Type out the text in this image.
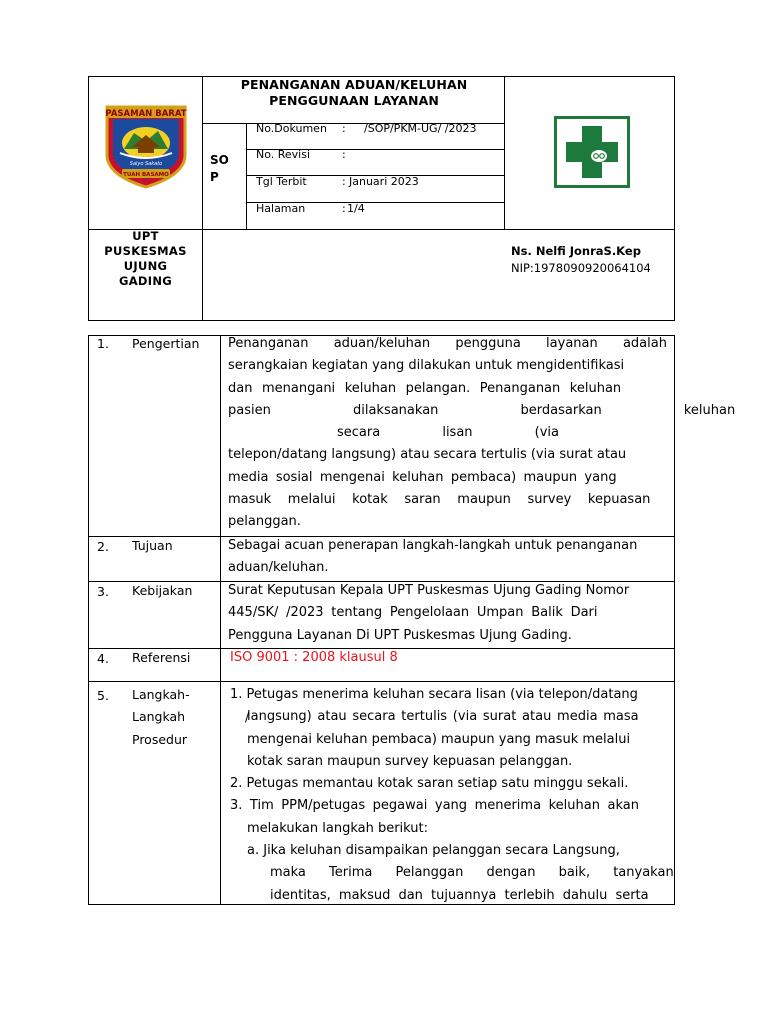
PASAMAN BARAT
Saiyo Sakato
TUAH BASAMO
PENANGANAN ADUAN/KELUHAN
PENGGUNAAN LAYANAN
SO
P
No.Dokumen : /SOP/PKM-UG/ /2023
No. Revisi	:
Tgl Terbit	: Januari 2023
Halaman	: 1/4
UPT
PUSKESMAS
UJUNG
GADING
Ns. Nelfi JonraS.Kep
NIP:1978090920064104
1. Pengertian Penanganan aduan/keluhan pengguna layanan adalah
serangkaian kegiatan yang dilakukan untuk mengidentifikasi
dan menangani keluhan pelangan. Penanganan keluhan
pasien dilaksanakan berdasarkan keluhan
secara lisan (via
telepon/datang langsung) atau secara tertulis (via surat atau
media sosial mengenai keluhan pembaca) maupun yang
masuk melalui kotak saran maupun survey kepuasan
pelanggan.
2. Tujuan	Sebagai acuan penerapan langkah-langkah untuk penanganan
aduan/keluhan.
3. Kebijakan	Surat Keputusan Kepala UPT Puskesmas Ujung Gading Nomor
445/SK/ /2023 tentang Pengelolaan Umpan Balik Dari
Pengguna Layanan Di UPT Puskesmas Ujung Gading.
4. Referensi	ISO 9001 : 2008 klausul 8
5. Langkah-
Langkah /
Prosedur
1. Petugas menerima keluhan secara lisan (via telepon/datang
langsung) atau secara tertulis (via surat atau media masa
mengenai keluhan pembaca) maupun yang masuk melalui
kotak saran maupun survey kepuasan pelanggan.
2. Petugas memantau kotak saran setiap satu minggu sekali.
3. Tim PPM/petugas pegawai yang menerima keluhan akan
melakukan langkah berikut:
a. Jika keluhan disampaikan pelanggan secara Langsung,
maka Terima Pelanggan dengan baik, tanyakan
identitas, maksud dan tujuannya terlebih dahulu serta
